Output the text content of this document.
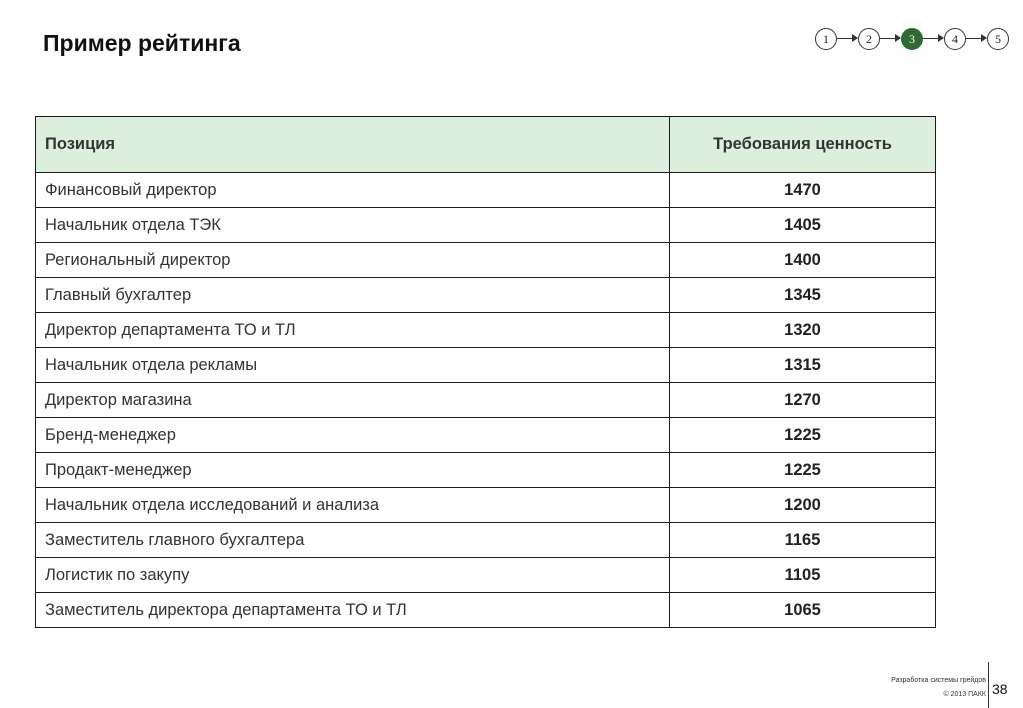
Пример рейтинга	1	2	3	4	5
Позиция	Требования ценность
Финансовый директор	1470
Начальник отдела ТЭК	1405
Региональный директор	1400
Главный бухгалтер	1345
Директор департамента ТО и ТЛ	1320
Начальник отдела рекламы	1315
Директор магазина	1270
Бренд-менеджер	1225
Продакт-менеджер	1225
Начальник отдела исследований и анализа	1200
Заместитель главного бухгалтера	1165
Логистик по закупу	1105
Заместитель директора департамента ТО и ТЛ	1065
Разработка системы грейдов
© 2013 ПАКК 38
